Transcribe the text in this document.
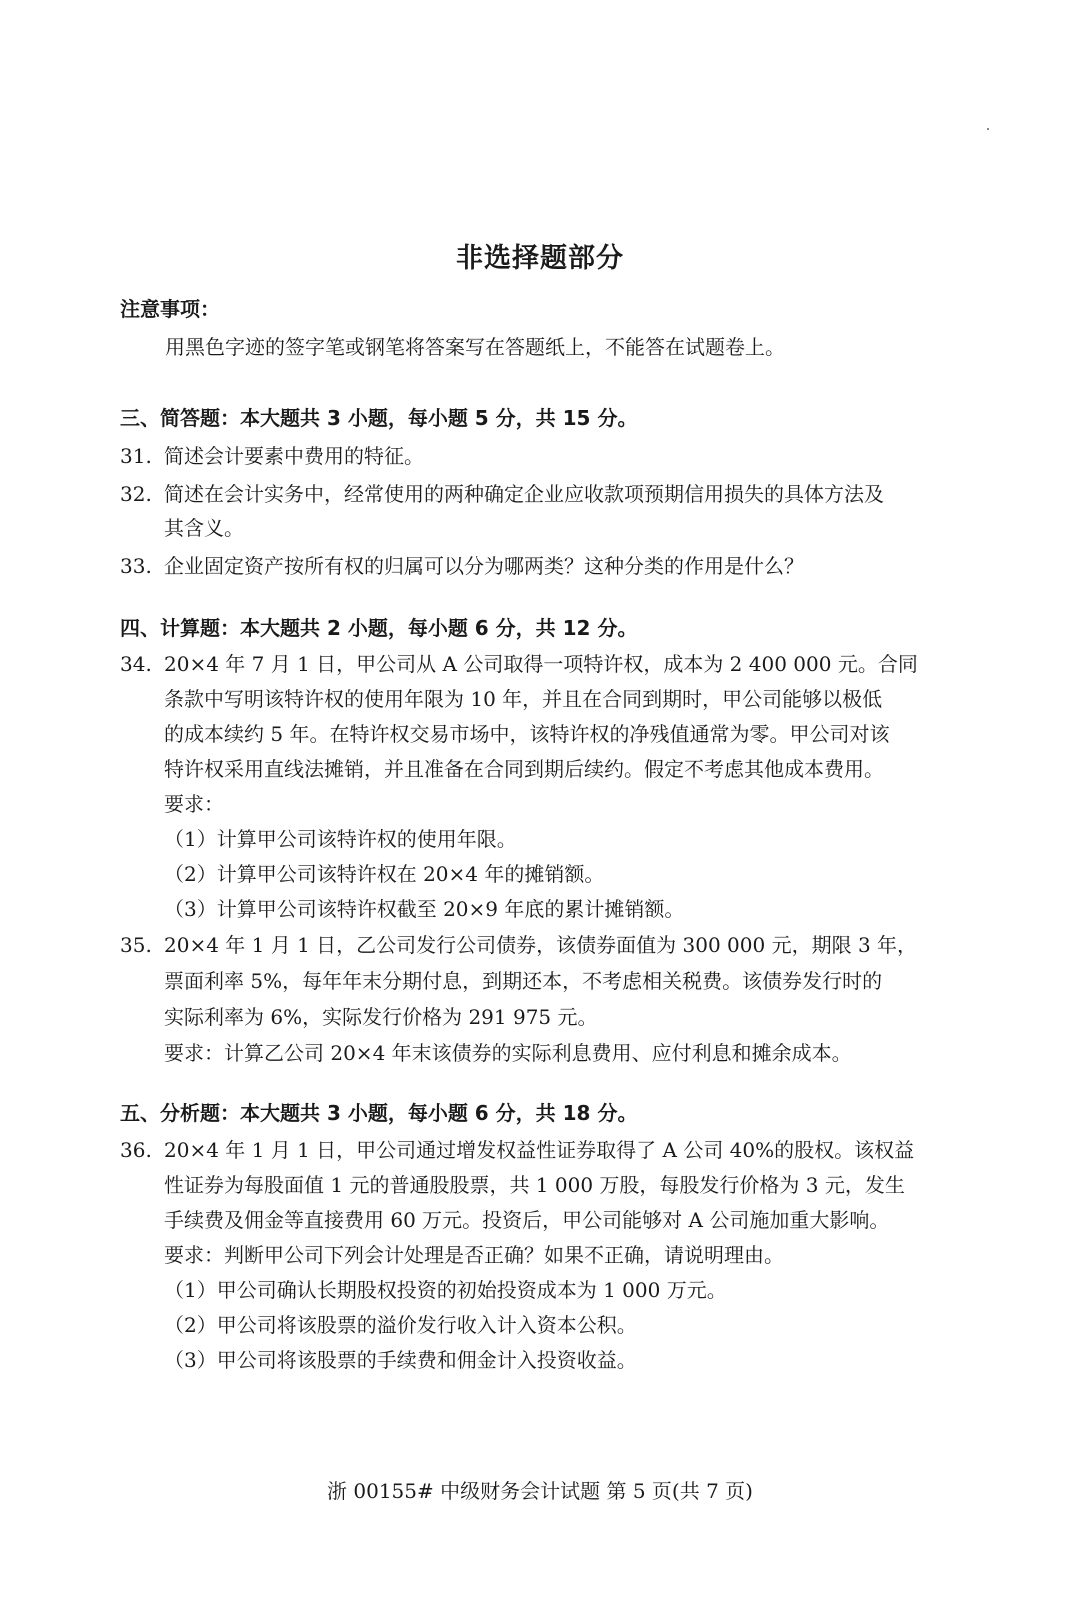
非选择题部分
注意事项：
用黑色字迹的签字笔或钢笔将答案写在答题纸上，不能答在试题卷上。
三、简答题：本大题共 3 小题，每小题 5 分，共 15 分。
31. 简述会计要素中费用的特征。
32. 简述在会计实务中，经常使用的两种确定企业应收款项预期信用损失的具体方法及
其含义。
33. 企业固定资产按所有权的归属可以分为哪两类？这种分类的作用是什么？
四、计算题：本大题共 2 小题，每小题 6 分，共 12 分。
34. 20×4 年 7 月 1 日，甲公司从 A 公司取得一项特许权，成本为 2 400 000 元。合同
条款中写明该特许权的使用年限为 10 年，并且在合同到期时，甲公司能够以极低
的成本续约 5 年。在特许权交易市场中，该特许权的净残值通常为零。甲公司对该
特许权采用直线法摊销，并且准备在合同到期后续约。假定不考虑其他成本费用。
要求：
（1）计算甲公司该特许权的使用年限。
（2）计算甲公司该特许权在 20×4 年的摊销额。
（3）计算甲公司该特许权截至 20×9 年底的累计摊销额。
35. 20×4 年 1 月 1 日，乙公司发行公司债券，该债券面值为 300 000 元，期限 3 年，
票面利率 5%，每年年末分期付息，到期还本，不考虑相关税费。该债券发行时的
实际利率为 6%，实际发行价格为 291 975 元。
要求：计算乙公司 20×4 年末该债券的实际利息费用、应付利息和摊余成本。
五、分析题：本大题共 3 小题，每小题 6 分，共 18 分。
36. 20×4 年 1 月 1 日，甲公司通过增发权益性证券取得了 A 公司 40%的股权。该权益
性证券为每股面值 1 元的普通股股票，共 1 000 万股，每股发行价格为 3 元，发生
手续费及佣金等直接费用 60 万元。投资后，甲公司能够对 A 公司施加重大影响。
要求：判断甲公司下列会计处理是否正确？如果不正确，请说明理由。
（1）甲公司确认长期股权投资的初始投资成本为 1 000 万元。
（2）甲公司将该股票的溢价发行收入计入资本公积。
（3）甲公司将该股票的手续费和佣金计入投资收益。
浙 00155# 中级财务会计试题 第 5 页(共 7 页)
